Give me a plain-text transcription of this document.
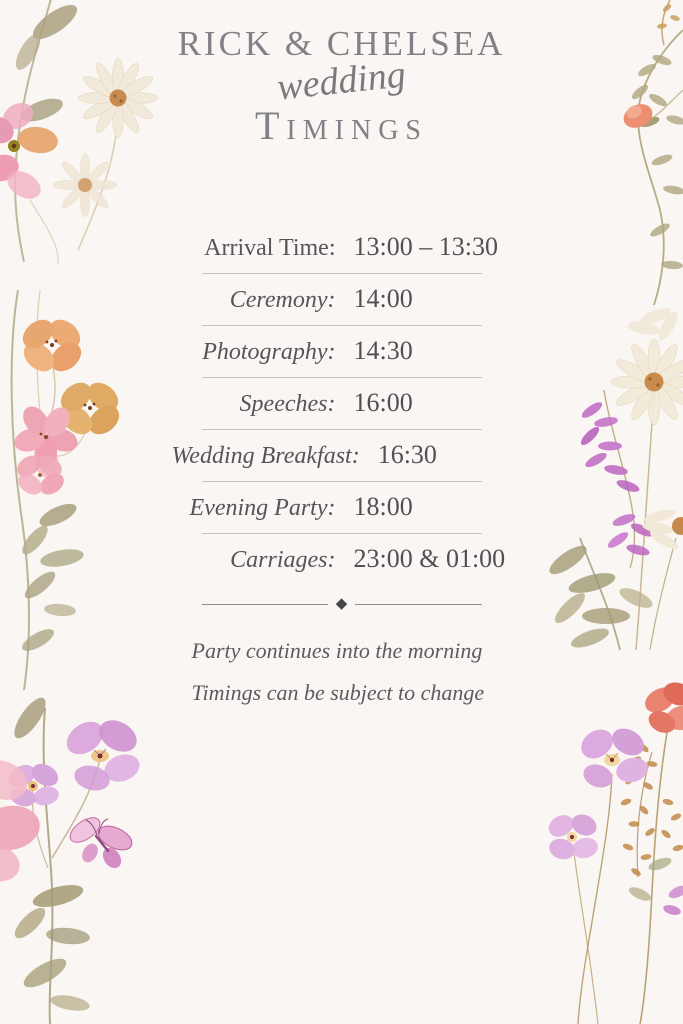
RICK & CHELSEA
wedding
Timings
Arrival Time: 13:00 – 13:30
Ceremony: 14:00
Photography: 14:30
Speeches: 16:00
Wedding Breakfast: 16:30
Evening Party: 18:00
Carriages: 23:00 & 01:00
◆

Party continues into the morning

Timings can be subject to change
